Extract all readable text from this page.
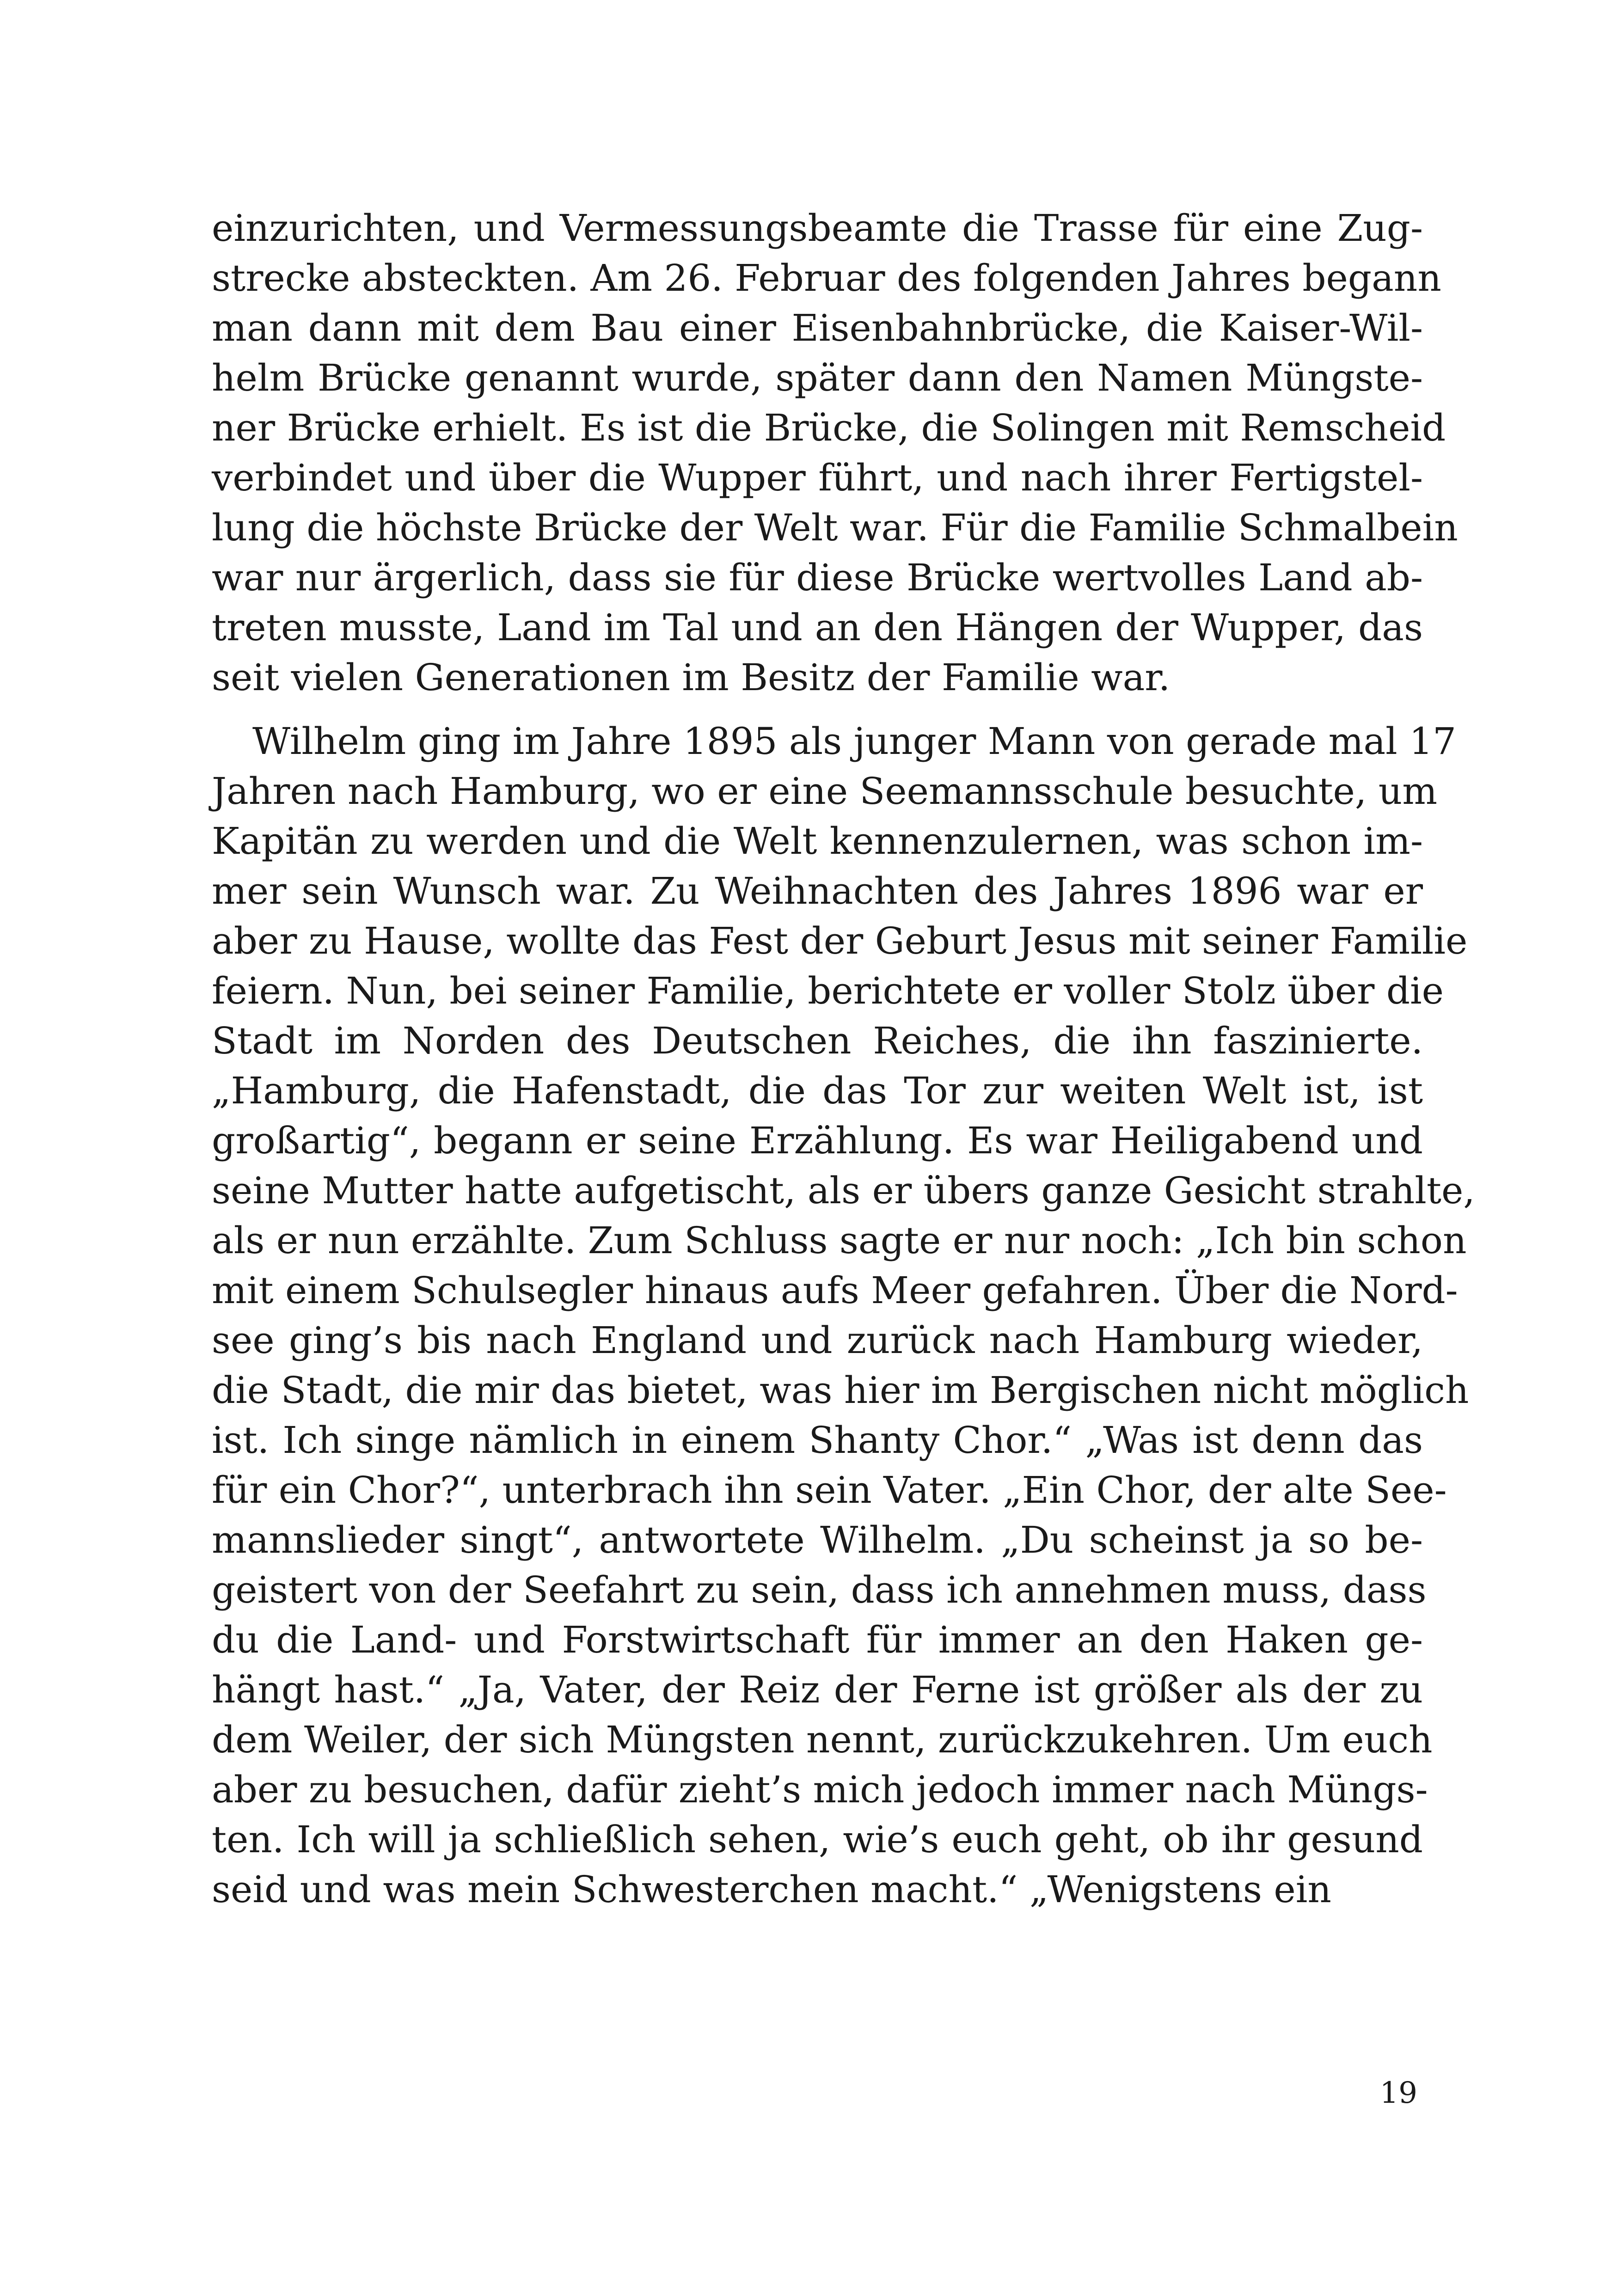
einzurichten, und Vermessungsbeamte die Trasse für eine Zug-
strecke absteckten. Am 26. Februar des folgenden Jahres begann
man dann mit dem Bau einer Eisenbahnbrücke, die Kaiser-Wil-
helm Brücke genannt wurde, später dann den Namen Müngste-
ner Brücke erhielt. Es ist die Brücke, die Solingen mit Remscheid
verbindet und über die Wupper führt, und nach ihrer Fertigstel-
lung die höchste Brücke der Welt war. Für die Familie Schmalbein
war nur ärgerlich, dass sie für diese Brücke wertvolles Land ab-
treten musste, Land im Tal und an den Hängen der Wupper, das
seit vielen Generationen im Besitz der Familie war.
Wilhelm ging im Jahre 1895 als junger Mann von gerade mal 17
Jahren nach Hamburg, wo er eine Seemannsschule besuchte, um
Kapitän zu werden und die Welt kennenzulernen, was schon im-
mer sein Wunsch war. Zu Weihnachten des Jahres 1896 war er
aber zu Hause, wollte das Fest der Geburt Jesus mit seiner Familie
feiern. Nun, bei seiner Familie, berichtete er voller Stolz über die
Stadt im Norden des Deutschen Reiches, die ihn faszinierte.
„Hamburg, die Hafenstadt, die das Tor zur weiten Welt ist, ist
großartig“, begann er seine Erzählung. Es war Heiligabend und
seine Mutter hatte aufgetischt, als er übers ganze Gesicht strahlte,
als er nun erzählte. Zum Schluss sagte er nur noch: „Ich bin schon
mit einem Schulsegler hinaus aufs Meer gefahren. Über die Nord-
see ging’s bis nach England und zurück nach Hamburg wieder,
die Stadt, die mir das bietet, was hier im Bergischen nicht möglich
ist. Ich singe nämlich in einem Shanty Chor.“ „Was ist denn das
für ein Chor?“, unterbrach ihn sein Vater. „Ein Chor, der alte See-
mannslieder singt“, antwortete Wilhelm. „Du scheinst ja so be-
geistert von der Seefahrt zu sein, dass ich annehmen muss, dass
du die Land- und Forstwirtschaft für immer an den Haken ge-
hängt hast.“ „Ja, Vater, der Reiz der Ferne ist größer als der zu
dem Weiler, der sich Müngsten nennt, zurückzukehren. Um euch
aber zu besuchen, dafür zieht’s mich jedoch immer nach Müngs-
ten. Ich will ja schließlich sehen, wie’s euch geht, ob ihr gesund
seid und was mein Schwesterchen macht.“ „Wenigstens ein
19
